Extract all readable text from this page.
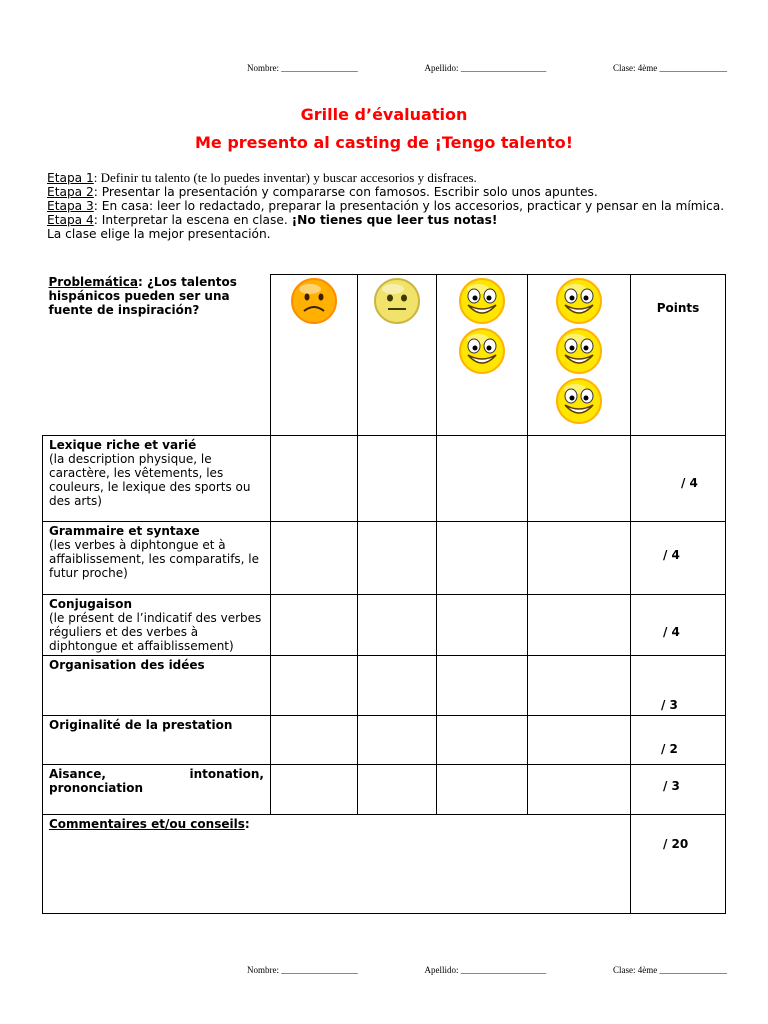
Nombre: _________________	Apellido: ___________________	Clase: 4ème _______________
Grille d’évaluation
Me presento al casting de ¡Tengo talento!
Etapa 1: Definir tu talento (te lo puedes inventar) y buscar accesorios y disfraces.
Etapa 2: Presentar la presentación y compararse con famosos. Escribir solo unos apuntes.
Etapa 3: En casa: leer lo redactado, preparar la presentación y los accesorios, practicar y pensar en la mímica.
Etapa 4: Interpretar la escena en clase. ¡No tienes que leer tus notas!
La clase elige la mejor presentación.
Problemática: ¿Los talentos hispánicos pueden ser una fuente de inspiración?					Points

Lexique riche et varié
(la description physique, le caractère, les vêtements, les couleurs, le lexique des sports ou des arts)					/ 4

Grammaire et syntaxe
(les verbes à diphtongue et à affaiblissement, les comparatifs, le futur proche)					/ 4

Conjugaison
(le présent de l’indicatif des verbes réguliers et des verbes à diphtongue et affaiblissement)					/ 4

Organisation des idées					/ 3

Originalité de la prestation					/ 2

Aisance, intonation,
prononciation					/ 3
Commentaires et/ou conseils:					/ 20
Nombre: _________________	Apellido: ___________________	Clase: 4ème _______________
